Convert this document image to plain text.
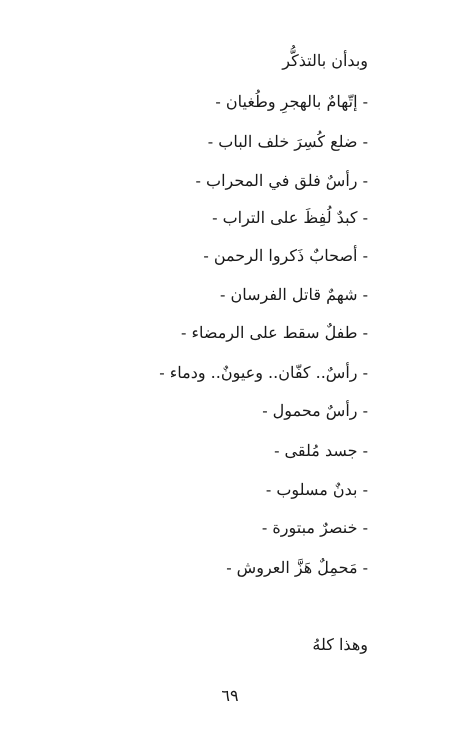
وبدأن بالتذكُّر
- إتّهامٌ بالهجرِ وطُغيان -
- ضلع كُسِرَ خلف الباب -
- رأسٌ فلق في المحراب -
- كبدٌ لُفِظَ على التراب -
- أصحابٌ ذَكروا الرحمن -
- شهمٌ قاتل الفرسان -
- طفلٌ سقط على الرمضاء -
- رأسٌ.. كفّان.. وعيونٌ.. ودماء -
- رأسٌ محمول -
- جسد مُلقى -
- بدنٌ مسلوب -
- خنصرٌ مبتورة -
- مَحمِلٌ هَزَّ العروش -
وهذا كلهُ
٦٩
